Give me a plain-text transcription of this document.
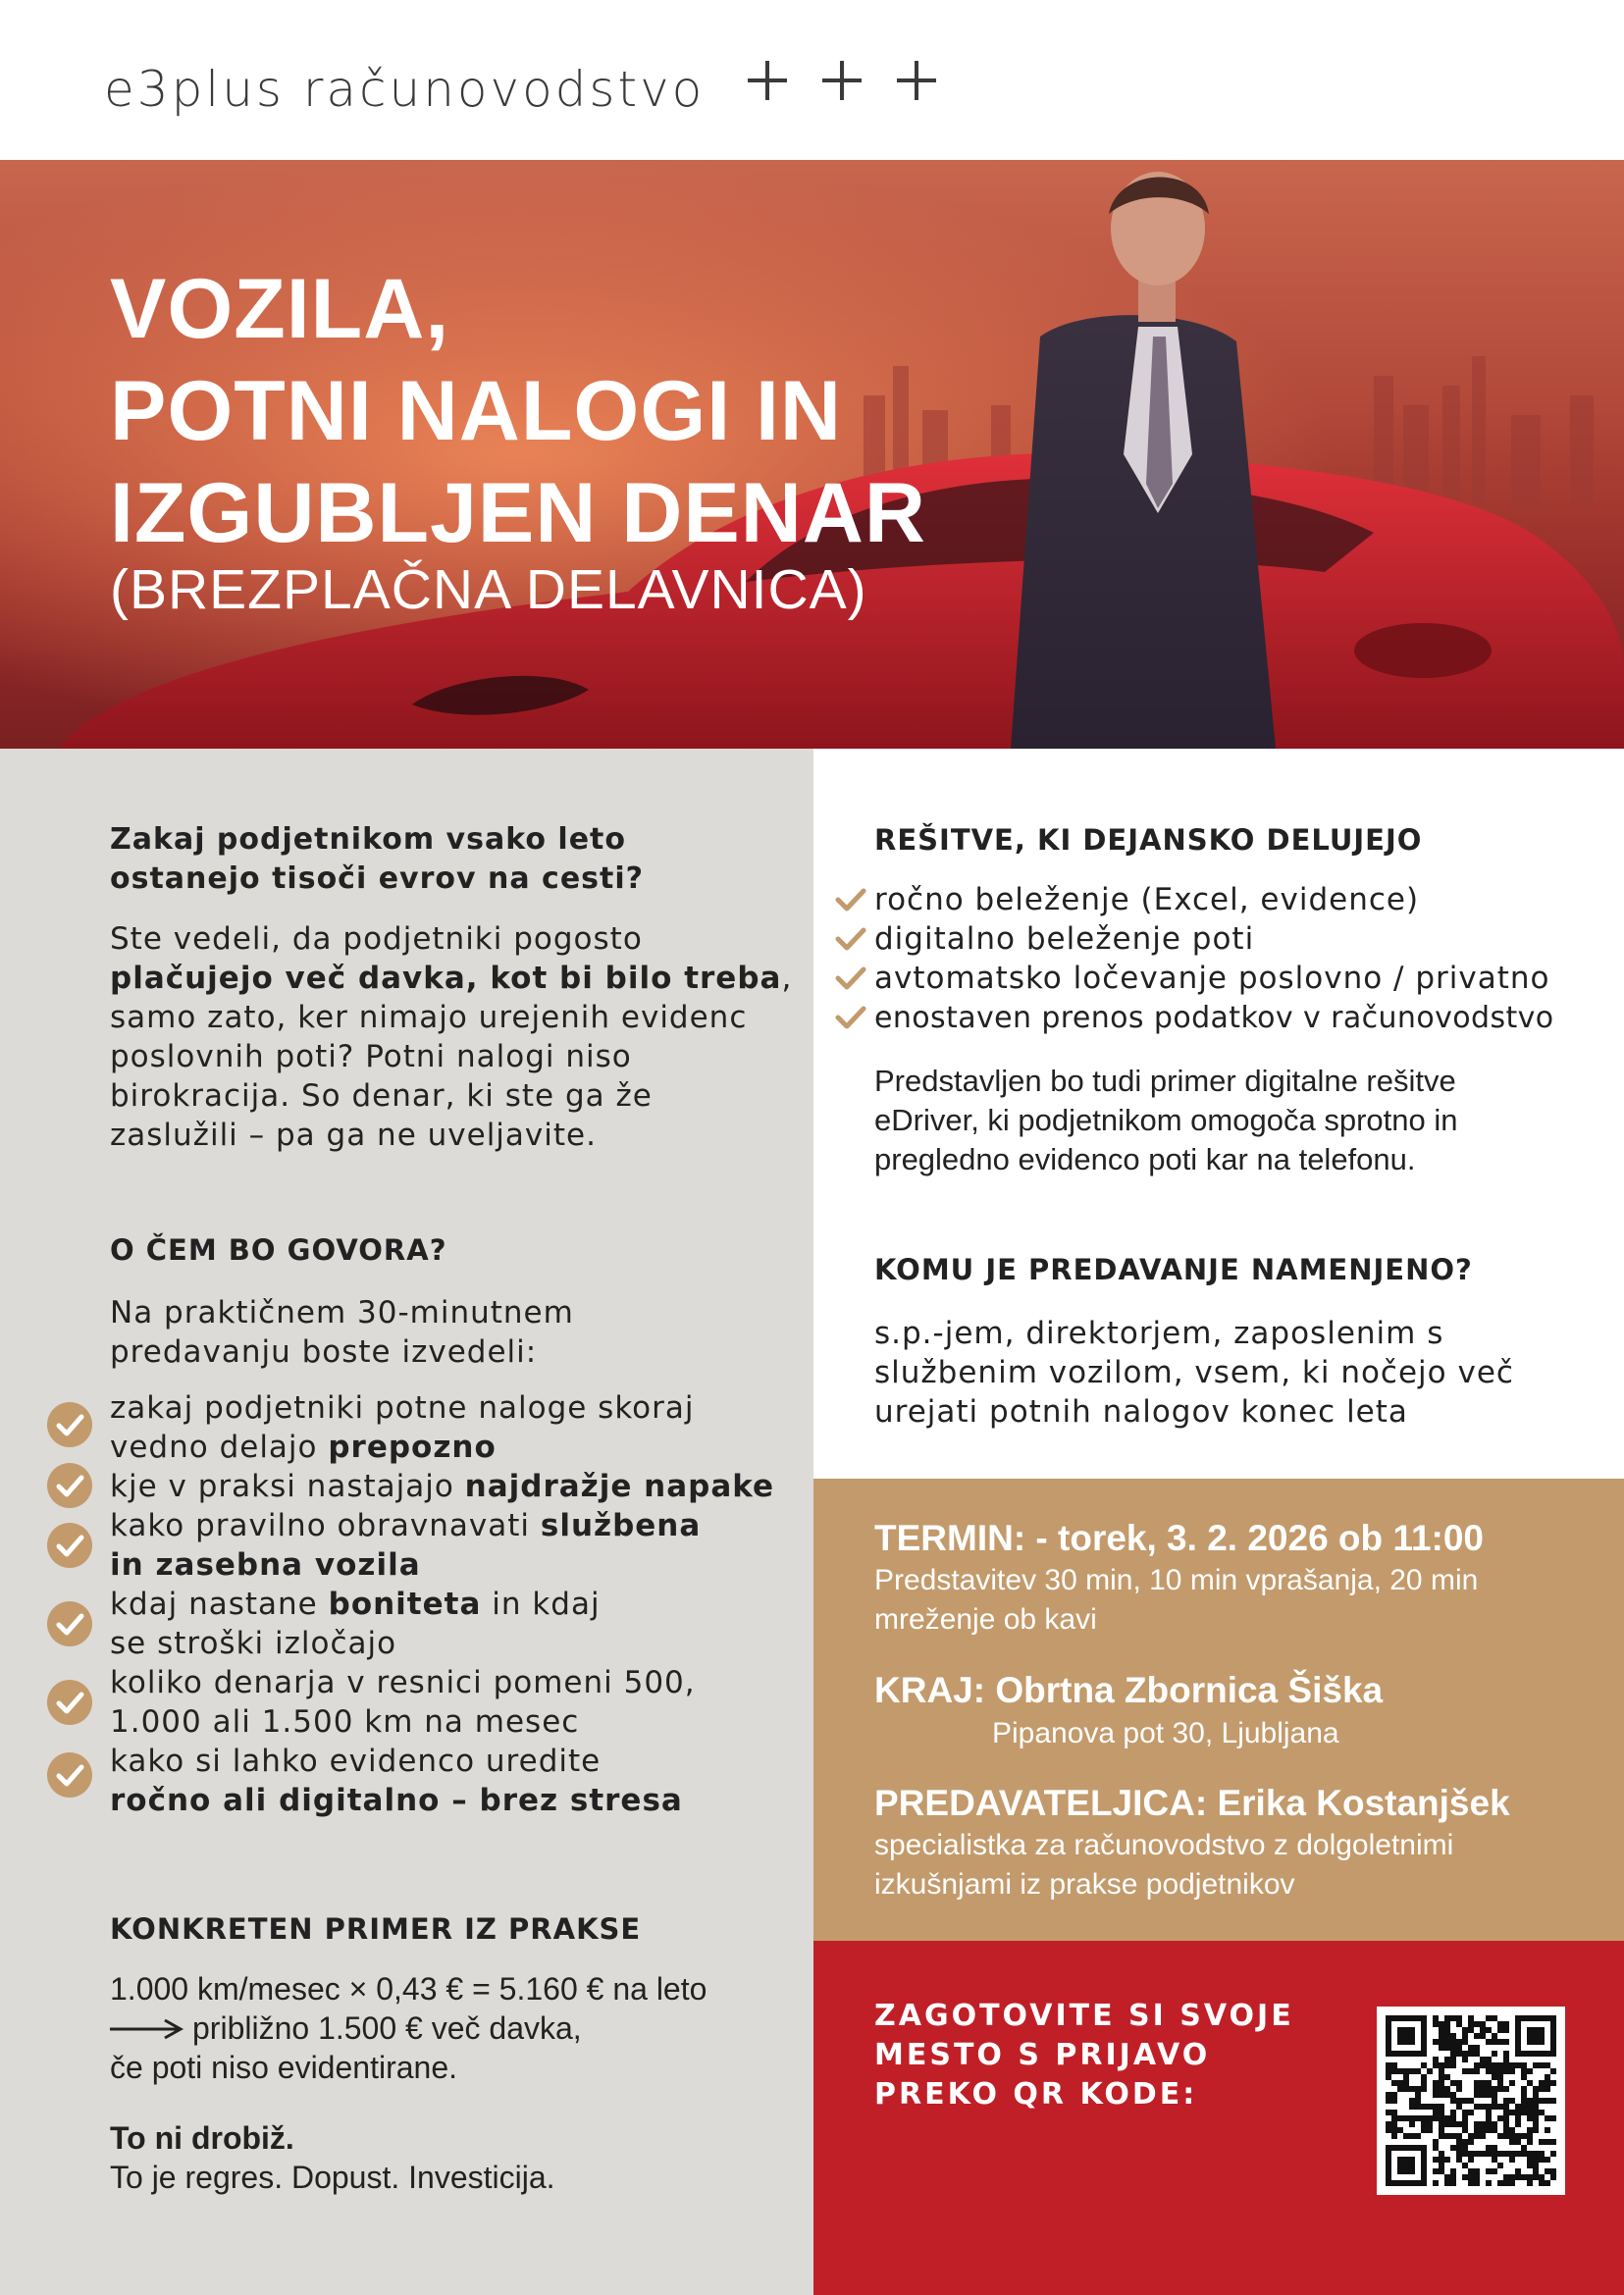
e3plus računovodstvo
VOZILA,
POTNI NALOGI IN
IZGUBLJEN DENAR
(BREZPLAČNA DELAVNICA)
Zakaj podjetnikom vsako leto
ostanejo tisoči evrov na cesti?
Ste vedeli, da podjetniki pogosto
plačujejo več davka, kot bi bilo treba,
samo zato, ker nimajo urejenih evidenc
poslovnih poti? Potni nalogi niso
birokracija. So denar, ki ste ga že
zaslužili – pa ga ne uveljavite.
O ČEM BO GOVORA?
Na praktičnem 30-minutnem
predavanju boste izvedeli:
zakaj podjetniki potne naloge skoraj
vedno delajo prepozno
kje v praksi nastajajo najdražje napake
kako pravilno obravnavati službena
in zasebna vozila
kdaj nastane boniteta in kdaj
se stroški izločajo
koliko denarja v resnici pomeni 500,
1.000 ali 1.500 km na mesec
kako si lahko evidenco uredite
ročno ali digitalno – brez stresa
KONKRETEN PRIMER IZ PRAKSE
1.000 km/mesec × 0,43 € = 5.160 € na leto
približno 1.500 € več davka,
če poti niso evidentirane.
To ni drobiž.
To je regres. Dopust. Investicija.
REŠITVE, KI DEJANSKO DELUJEJO
ročno beleženje (Excel, evidence)
digitalno beleženje poti
avtomatsko ločevanje poslovno / privatno
enostaven prenos podatkov v računovodstvo
Predstavljen bo tudi primer digitalne rešitve
eDriver, ki podjetnikom omogoča sprotno in
pregledno evidenco poti kar na telefonu.
KOMU JE PREDAVANJE NAMENJENO?
s.p.-jem, direktorjem, zaposlenim s
službenim vozilom, vsem, ki nočejo več
urejati potnih nalogov konec leta
TERMIN: - torek, 3. 2. 2026 ob 11:00
Predstavitev 30 min, 10 min vprašanja, 20 min
mreženje ob kavi
KRAJ: Obrtna Zbornica Šiška
Pipanova pot 30, Ljubljana
PREDAVATELJICA: Erika Kostanjšek
specialistka za računovodstvo z dolgoletnimi
izkušnjami iz prakse podjetnikov
ZAGOTOVITE SI SVOJE
MESTO S PRIJAVO
PREKO QR KODE:
